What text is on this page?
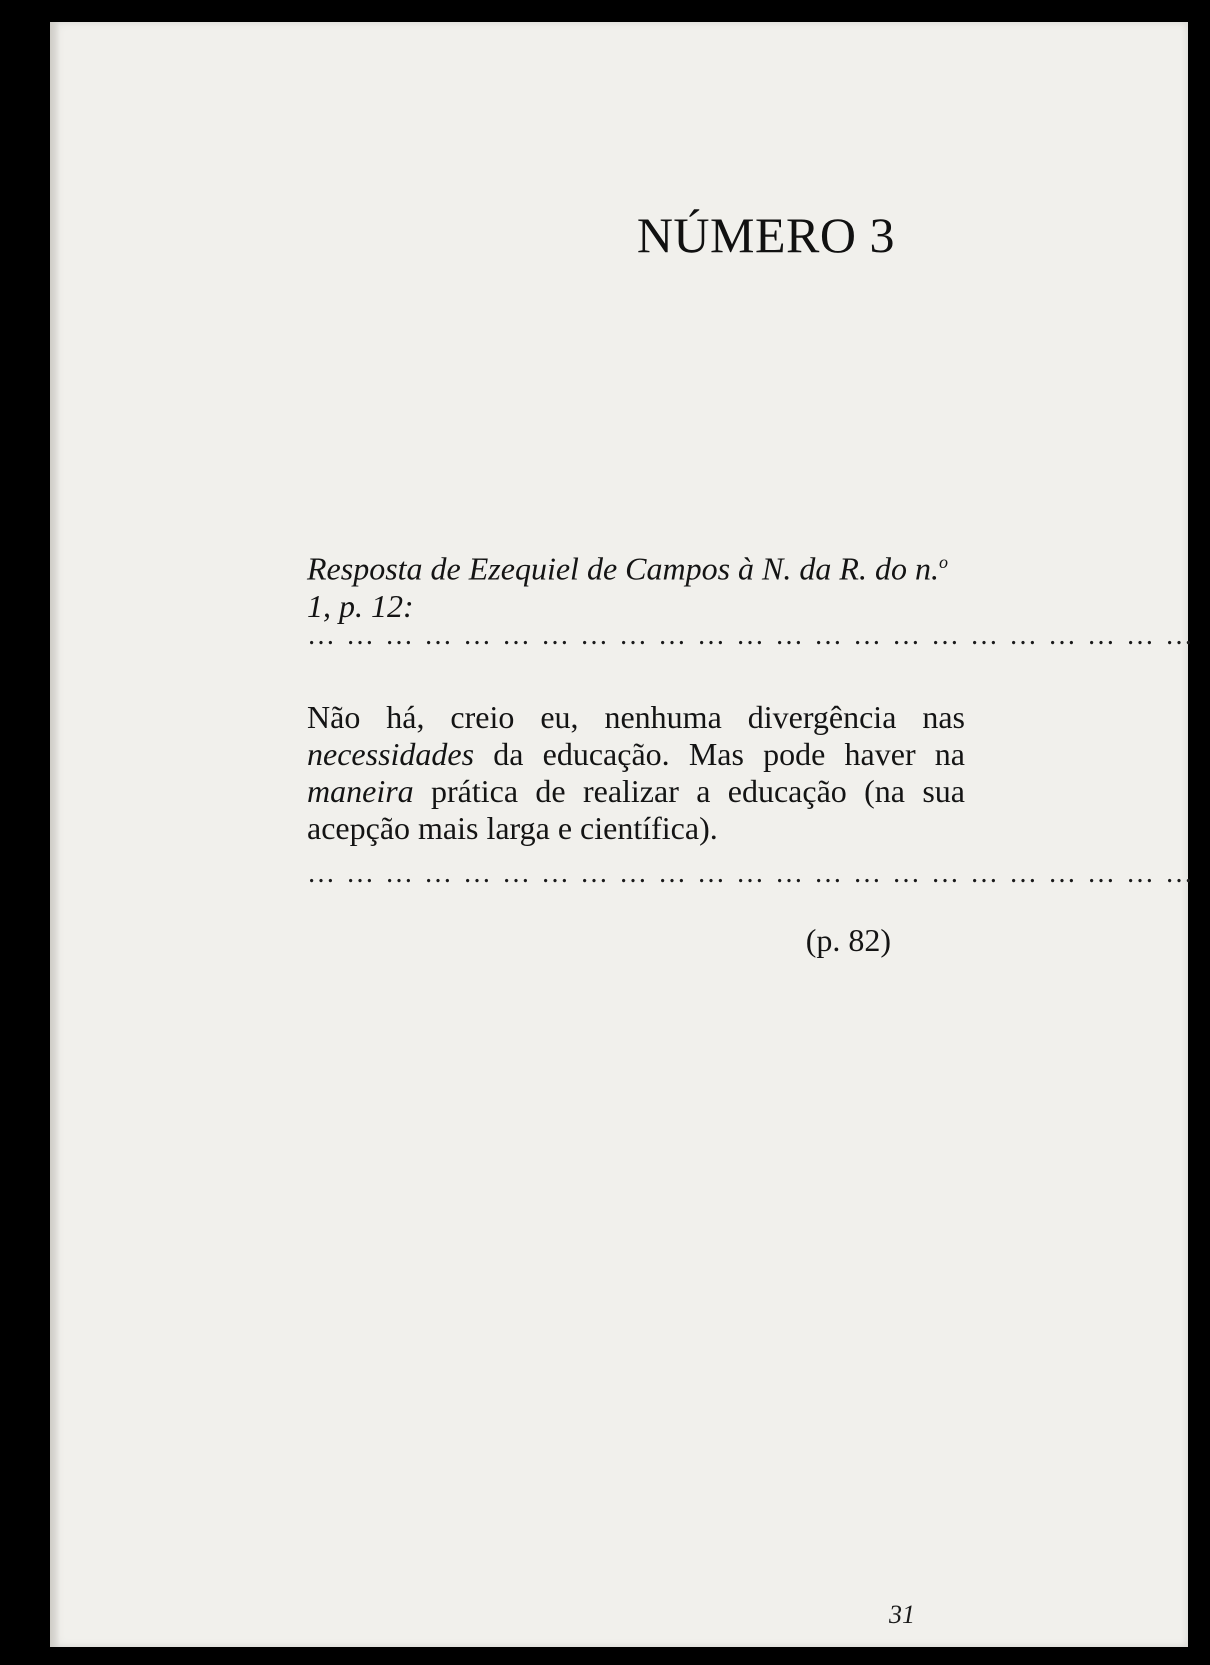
NÚMERO 3

Resposta de Ezequiel de Campos à N. da R. do n.$^o$ 1, p. 12:

… … … … … … … … … … … … … … … … … … … … … … …

Não há, creio eu, nenhuma divergência nas necessidades da educação. Mas pode haver na maneira prática de realizar a educação (na sua acepção mais larga e científica).

… … … … … … … … … … … … … … … … … … … … … … …

(p. 82)

31
